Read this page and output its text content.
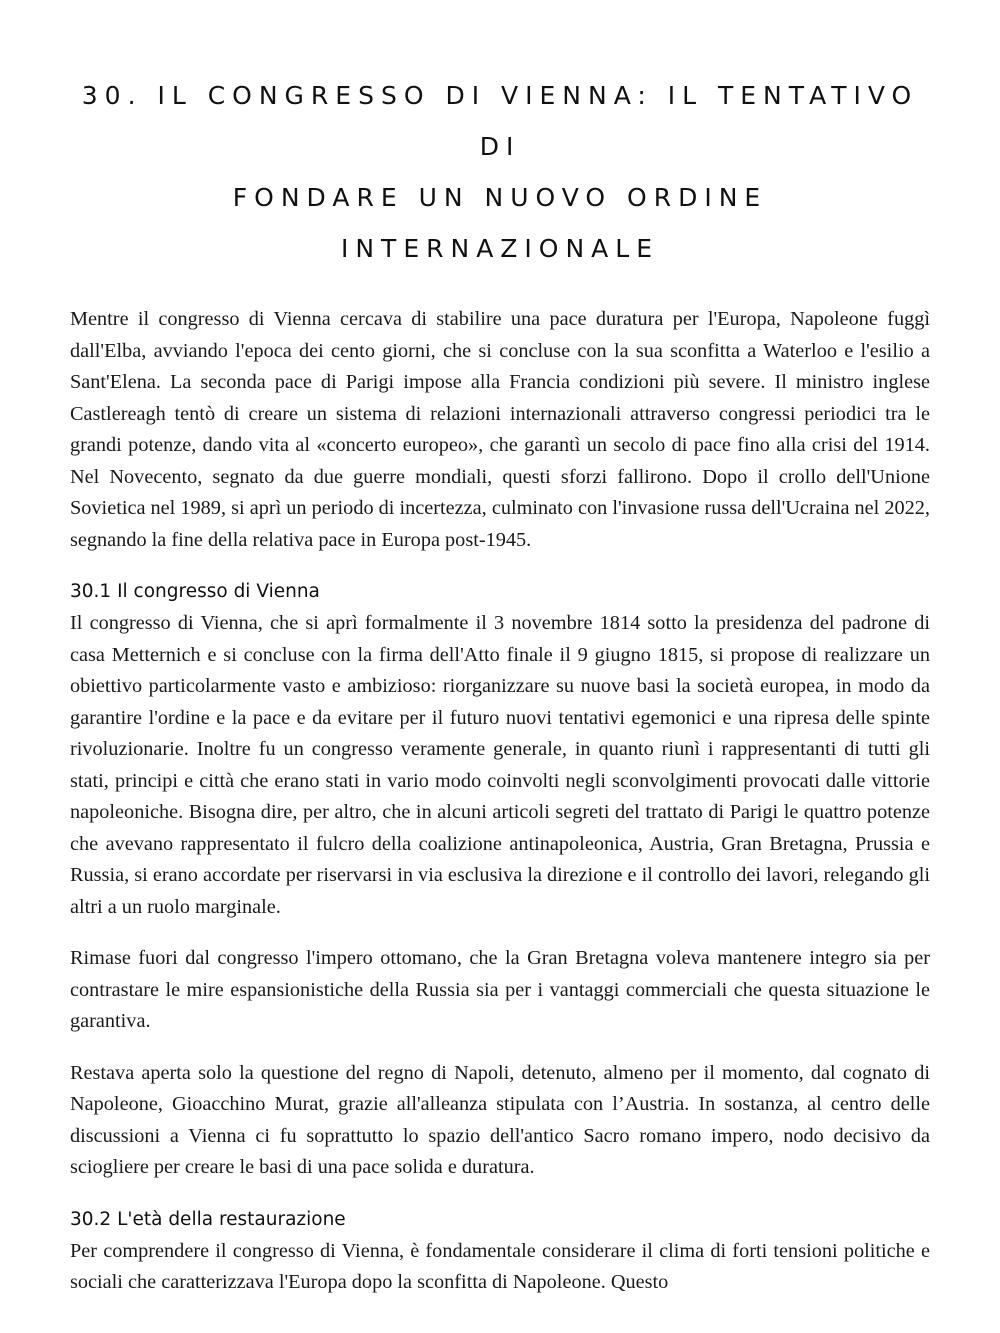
30. IL CONGRESSO DI VIENNA: IL TENTATIVO DI
FONDARE UN NUOVO ORDINE INTERNAZIONALE

Mentre il congresso di Vienna cercava di stabilire una pace duratura per l'Europa, Napoleone fuggì dall'Elba, avviando l'epoca dei cento giorni, che si concluse con la sua sconfitta a Waterloo e l'esilio a Sant'Elena. La seconda pace di Parigi impose alla Francia condizioni più severe. Il ministro inglese Castlereagh tentò di creare un sistema di relazioni internazionali attraverso congressi periodici tra le grandi potenze, dando vita al «concerto europeo», che garantì un secolo di pace fino alla crisi del 1914. Nel Novecento, segnato da due guerre mondiali, questi sforzi fallirono. Dopo il crollo dell'Unione Sovietica nel 1989, si aprì un periodo di incertezza, culminato con l'invasione russa dell'Ucraina nel 2022, segnando la fine della relativa pace in Europa post-1945.

30.1 Il congresso di Vienna

Il congresso di Vienna, che si aprì formalmente il 3 novembre 1814 sotto la presidenza del padrone di casa Metternich e si concluse con la firma dell'Atto finale il 9 giugno 1815, si propose di realizzare un obiettivo particolarmente vasto e ambizioso: riorganizzare su nuove basi la società europea, in modo da garantire l'ordine e la pace e da evitare per il futuro nuovi tentativi egemonici e una ripresa delle spinte rivoluzionarie. Inoltre fu un congresso veramente generale, in quanto riunì i rappresentanti di tutti gli stati, principi e città che erano stati in vario modo coinvolti negli sconvolgimenti provocati dalle vittorie napoleoniche. Bisogna dire, per altro, che in alcuni articoli segreti del trattato di Parigi le quattro potenze che avevano rappresentato il fulcro della coalizione antinapoleonica, Austria, Gran Bretagna, Prussia e Russia, si erano accordate per riservarsi in via esclusiva la direzione e il controllo dei lavori, relegando gli altri a un ruolo marginale.

Rimase fuori dal congresso l'impero ottomano, che la Gran Bretagna voleva mantenere integro sia per contrastare le mire espansionistiche della Russia sia per i vantaggi commerciali che questa situazione le garantiva.

Restava aperta solo la questione del regno di Napoli, detenuto, almeno per il momento, dal cognato di Napoleone, Gioacchino Murat, grazie all'alleanza stipulata con l’Austria. In sostanza, al centro delle discussioni a Vienna ci fu soprattutto lo spazio dell'antico Sacro romano impero, nodo decisivo da sciogliere per creare le basi di una pace solida e duratura.

30.2 L'età della restaurazione

Per comprendere il congresso di Vienna, è fondamentale considerare il clima di forti tensioni politiche e sociali che caratterizzava l'Europa dopo la sconfitta di Napoleone. Questo
